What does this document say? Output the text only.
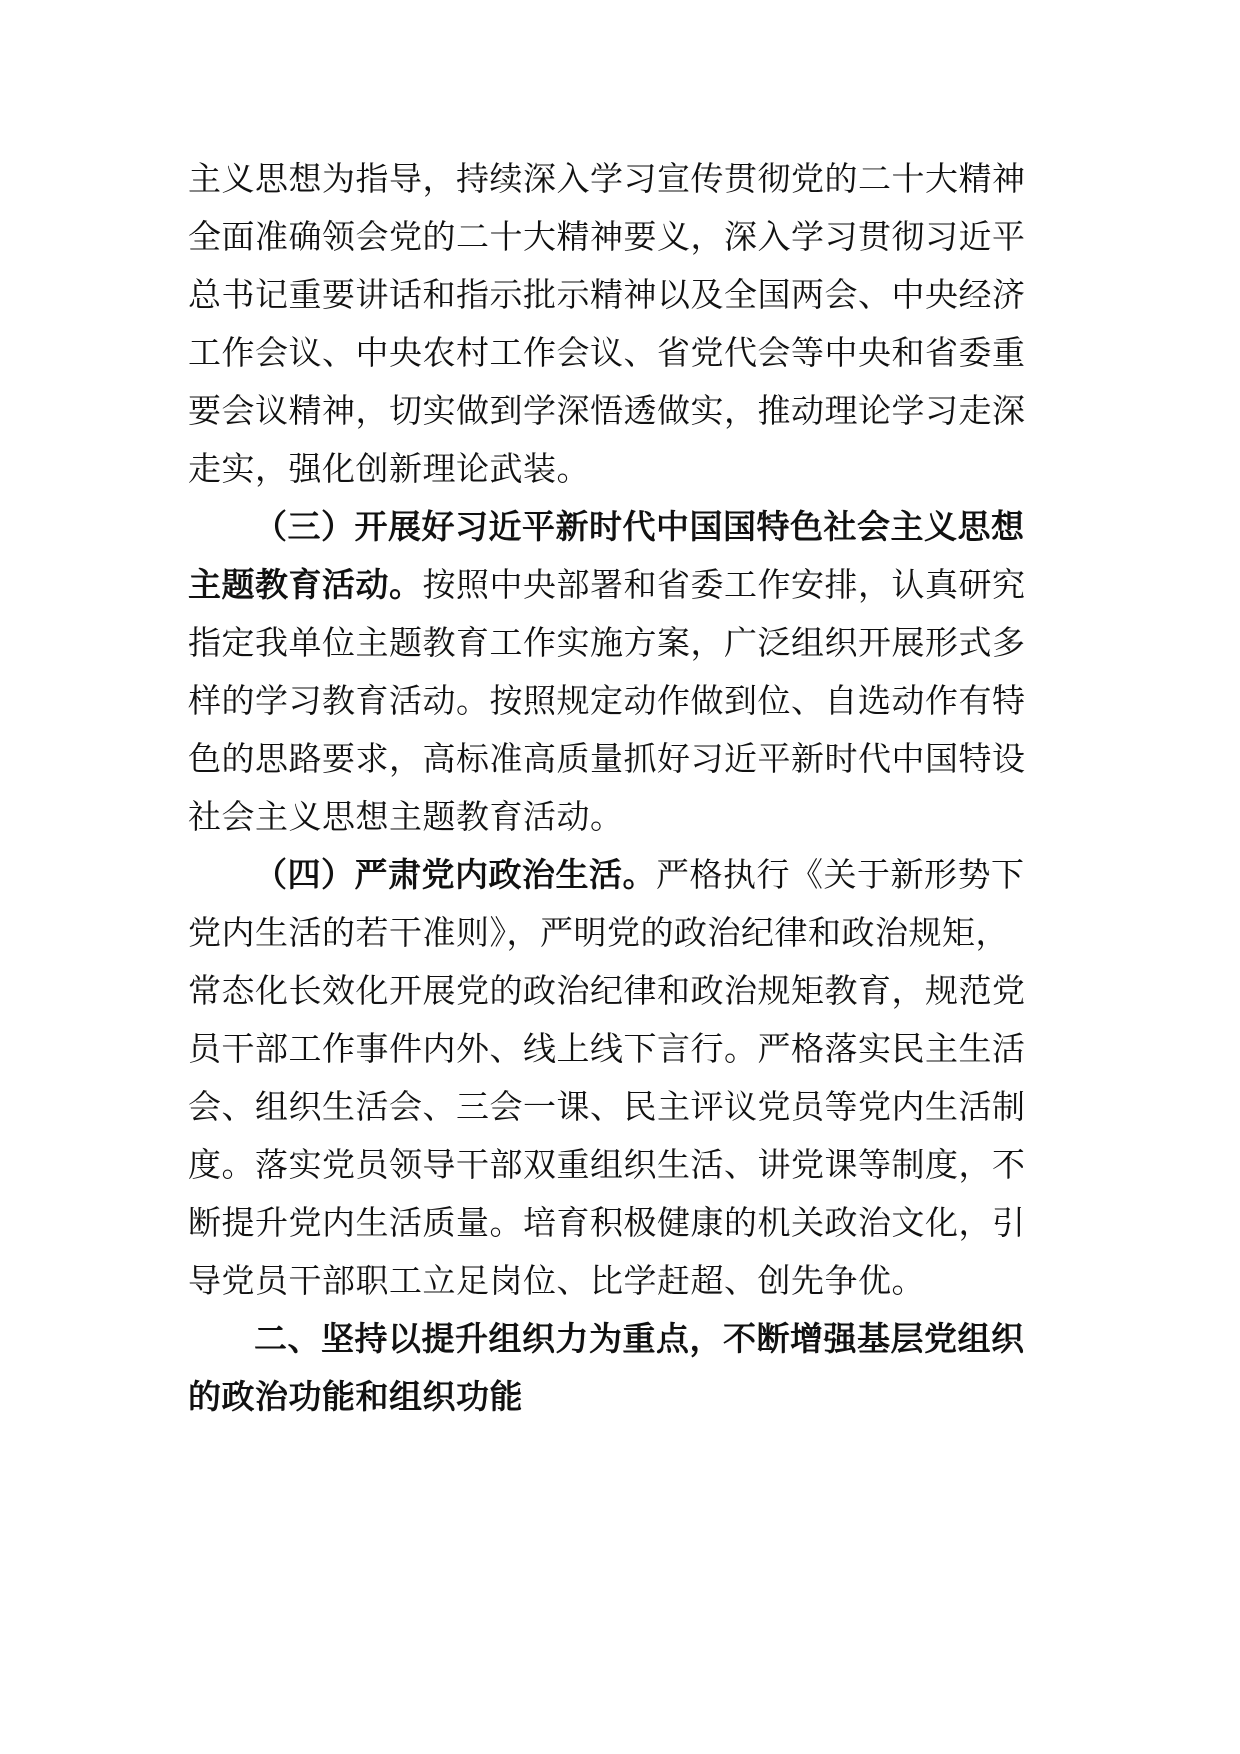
主义思想为指导，持续深入学习宣传贯彻党的二十大精神
全面准确领会党的二十大精神要义，深入学习贯彻习近平
总书记重要讲话和指示批示精神以及全国两会、中央经济
工作会议、中央农村工作会议、省党代会等中央和省委重
要会议精神，切实做到学深悟透做实，推动理论学习走深
走实，强化创新理论武装。
（三）开展好习近平新时代中国国特色社会主义思想
主题教育活动。按照中央部署和省委工作安排，认真研究
指定我单位主题教育工作实施方案，广泛组织开展形式多
样的学习教育活动。按照规定动作做到位、自选动作有特
色的思路要求，高标准高质量抓好习近平新时代中国特设
社会主义思想主题教育活动。
（四）严肃党内政治生活。严格执行《关于新形势下
党内生活的若干准则》，严明党的政治纪律和政治规矩，
常态化长效化开展党的政治纪律和政治规矩教育，规范党
员干部工作事件内外、线上线下言行。严格落实民主生活
会、组织生活会、三会一课、民主评议党员等党内生活制
度。落实党员领导干部双重组织生活、讲党课等制度，不
断提升党内生活质量。培育积极健康的机关政治文化，引
导党员干部职工立足岗位、比学赶超、创先争优。
二、坚持以提升组织力为重点，不断增强基层党组织
的政治功能和组织功能
